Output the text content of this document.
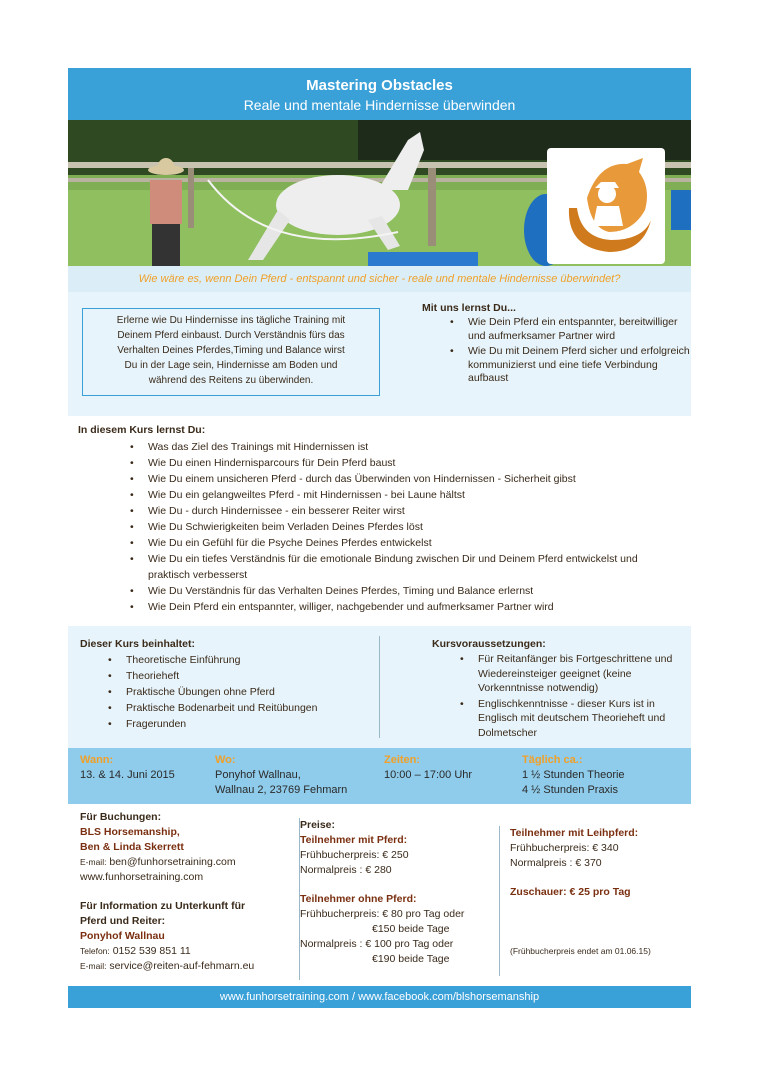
Mastering Obstacles
Reale und mentale Hindernisse überwinden
Wie wäre es, wenn Dein Pferd - entspannt und sicher - reale und mentale Hindernisse überwindet?
Erlerne wie Du Hindernisse ins tägliche Training mit
Deinem Pferd einbaust. Durch Verständnis fürs das
Verhalten Deines Pferdes,Timing und Balance wirst
Du in der Lage sein, Hindernisse am Boden und
während des Reitens zu überwinden.
Mit uns lernst Du...
• Wie Dein Pferd ein entspannter, bereitwilliger und aufmerksamer Partner wird
• Wie Du mit Deinem Pferd sicher und erfolgreich kommunizierst und eine tiefe Verbindung aufbaust
In diesem Kurs lernst Du:
• Was das Ziel des Trainings mit Hindernissen ist
• Wie Du einen Hindernisparcours für Dein Pferd baust
• Wie Du einem unsicheren Pferd - durch das Überwinden von Hindernissen - Sicherheit gibst
• Wie Du ein gelangweiltes Pferd - mit Hindernissen - bei Laune hältst
• Wie Du - durch Hindernissee - ein besserer Reiter wirst
• Wie Du Schwierigkeiten beim Verladen Deines Pferdes löst
• Wie Du ein Gefühl für die Psyche Deines Pferdes entwickelst
• Wie Du ein tiefes Verständnis für die emotionale Bindung zwischen Dir und Deinem Pferd entwickelst und praktisch verbesserst
• Wie Du Verständnis für das Verhalten Deines Pferdes, Timing und Balance erlernst
• Wie Dein Pferd ein entspannter, williger, nachgebender und aufmerksamer Partner wird
Dieser Kurs beinhaltet:
• Theoretische Einführung
• Theorieheft
• Praktische Übungen ohne Pferd
• Praktische Bodenarbeit und Reitübungen
• Fragerunden
Kursvoraussetzungen:
• Für Reitanfänger bis Fortgeschrittene und Wiedereinsteiger geeignet (keine Vorkenntnisse notwendig)
• Englischkenntnisse - dieser Kurs ist in Englisch mit deutschem Theorieheft und Dolmetscher
Wann:
13. & 14. Juni 2015
Wo:
Ponyhof Wallnau,
Wallnau 2, 23769 Fehmarn
Zeiten:
10:00 – 17:00 Uhr
Täglich ca.:
1 ½ Stunden Theorie
4 ½ Stunden Praxis
Für Buchungen:
BLS Horsemanship,
Ben & Linda Skerrett
E-mail: ben@funhorsetraining.com
www.funhorsetraining.com
Für Information zu Unterkunft für
Pferd und Reiter:
Ponyhof Wallnau
Telefon: 0152 539 851 11
E-mail: service@reiten-auf-fehmarn.eu
Preise:
Teilnehmer mit Pferd:
Frühbucherpreis: € 250
Normalpreis : € 280
Teilnehmer ohne Pferd:
Frühbucherpreis: € 80 pro Tag oder
€150 beide Tage
Normalpreis : € 100 pro Tag oder
€190 beide Tage
Teilnehmer mit Leihpferd:
Frühbucherpreis: € 340
Normalpreis : € 370
Zuschauer: € 25 pro Tag
(Frühbucherpreis endet am 01.06.15)
www.funhorsetraining.com / www.facebook.com/blshorsemanship
